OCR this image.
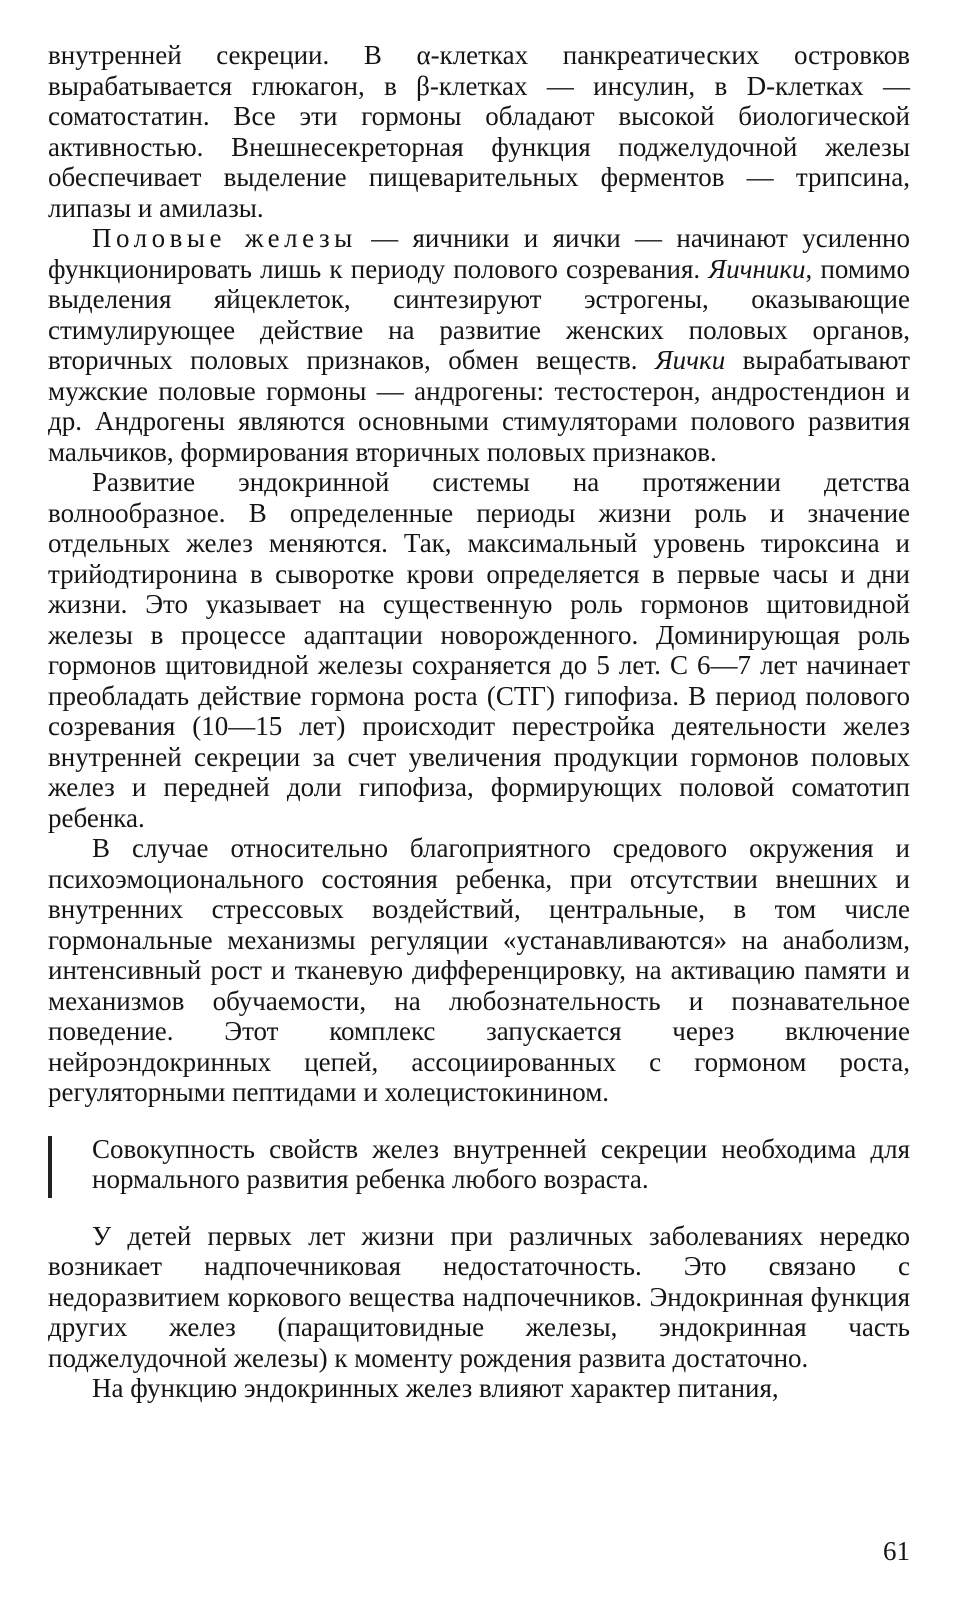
внутренней секреции. В α-клетках панкреатических островков вырабатывается глюкагон, в β-клетках — инсулин, в D-клетках — соматостатин. Все эти гормоны обладают высокой биологической активностью. Внешнесекреторная функция поджелудочной железы обеспечивает выделение пищеварительных ферментов — трипсина, липазы и амилазы.

Половые железы — яичники и яички — начинают усиленно функционировать лишь к периоду полового созревания. Яичники, помимо выделения яйцеклеток, синтезируют эстрогены, оказывающие стимулирующее действие на развитие женских половых органов, вторичных половых признаков, обмен веществ. Яички вырабатывают мужские половые гормоны — андрогены: тестостерон, андростендион и др. Андрогены являются основными стимуляторами полового развития мальчиков, формирования вторичных половых признаков.

Развитие эндокринной системы на протяжении детства волнообразное. В определенные периоды жизни роль и значение отдельных желез меняются. Так, максимальный уровень тироксина и трийодтиронина в сыворотке крови определяется в первые часы и дни жизни. Это указывает на существенную роль гормонов щитовидной железы в процессе адаптации новорожденного. Доминирующая роль гормонов щитовидной железы сохраняется до 5 лет. С 6—7 лет начинает преобладать действие гормона роста (СТГ) гипофиза. В период полового созревания (10—15 лет) происходит перестройка деятельности желез внутренней секреции за счет увеличения продукции гормонов половых желез и передней доли гипофиза, формирующих половой соматотип ребенка.

В случае относительно благоприятного средового окружения и психоэмоционального состояния ребенка, при отсутствии внешних и внутренних стрессовых воздействий, центральные, в том числе гормональные механизмы регуляции «устанавливаются» на анаболизм, интенсивный рост и тканевую дифференцировку, на активацию памяти и механизмов обучаемости, на любознательность и познавательное поведение. Этот комплекс запускается через включение нейроэндокринных цепей, ассоциированных с гормоном роста, регуляторными пептидами и холецистокинином.

Совокупность свойств желез внутренней секреции необходима для нормального развития ребенка любого возраста.

У детей первых лет жизни при различных заболеваниях нередко возникает надпочечниковая недостаточность. Это связано с недоразвитием коркового вещества надпочечников. Эндокринная функция других желез (паращитовидные железы, эндокринная часть поджелудочной железы) к моменту рождения развита достаточно.

На функцию эндокринных желез влияют характер питания,

61
